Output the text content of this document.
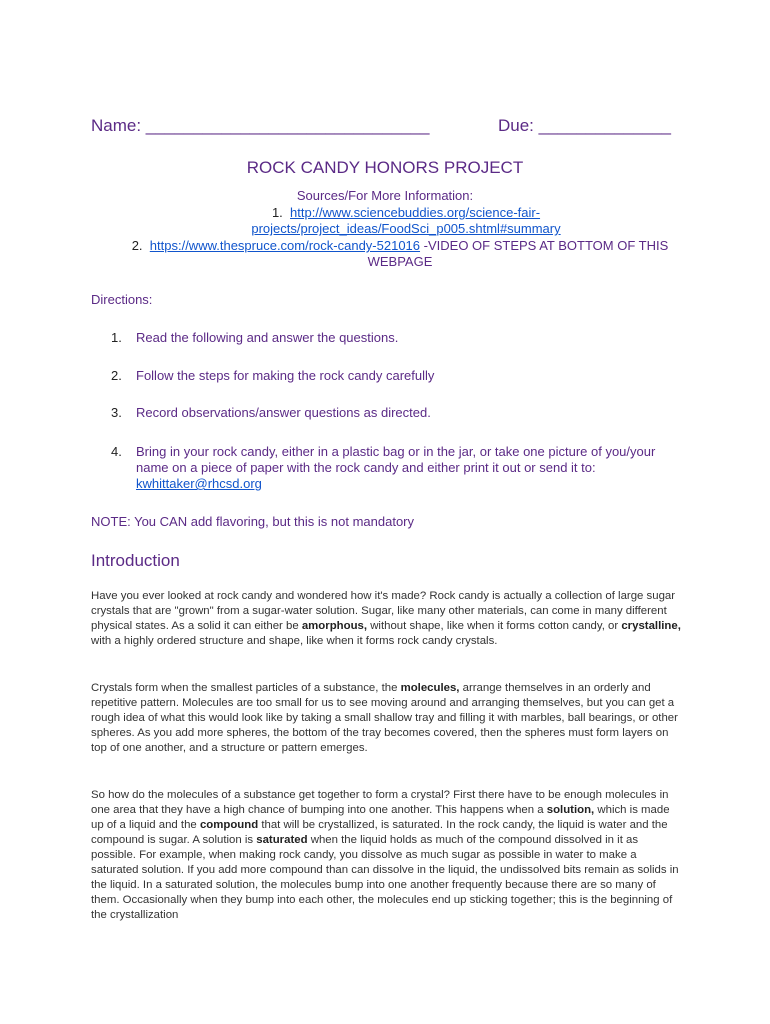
Name: ______________________________	Due: ______________
ROCK CANDY HONORS PROJECT
Sources/For More Information:
1. http://www.sciencebuddies.org/science-fair-projects/project_ideas/FoodSci_p005.shtml#summary
2. https://www.thespruce.com/rock-candy-521016 -VIDEO OF STEPS AT BOTTOM OF THIS WEBPAGE
Directions:
1. Read the following and answer the questions.
2. Follow the steps for making the rock candy carefully
3. Record observations/answer questions as directed.
4. Bring in your rock candy, either in a plastic bag or in the jar, or take one picture of you/your name on a piece of paper with the rock candy and either print it out or send it to: kwhittaker@rhcsd.org
NOTE: You CAN add flavoring, but this is not mandatory
Introduction
Have you ever looked at rock candy and wondered how it's made? Rock candy is actually a collection of large sugar crystals that are "grown" from a sugar-water solution. Sugar, like many other materials, can come in many different physical states. As a solid it can either be amorphous, without shape, like when it forms cotton candy, or crystalline, with a highly ordered structure and shape, like when it forms rock candy crystals.
Crystals form when the smallest particles of a substance, the molecules, arrange themselves in an orderly and repetitive pattern. Molecules are too small for us to see moving around and arranging themselves, but you can get a rough idea of what this would look like by taking a small shallow tray and filling it with marbles, ball bearings, or other spheres. As you add more spheres, the bottom of the tray becomes covered, then the spheres must form layers on top of one another, and a structure or pattern emerges.
So how do the molecules of a substance get together to form a crystal? First there have to be enough molecules in one area that they have a high chance of bumping into one another. This happens when a solution, which is made up of a liquid and the compound that will be crystallized, is saturated. In the rock candy, the liquid is water and the compound is sugar. A solution is saturated when the liquid holds as much of the compound dissolved in it as possible. For example, when making rock candy, you dissolve as much sugar as possible in water to make a saturated solution. If you add more compound than can dissolve in the liquid, the undissolved bits remain as solids in the liquid. In a saturated solution, the molecules bump into one another frequently because there are so many of them. Occasionally when they bump into each other, the molecules end up sticking together; this is the beginning of the crystallization
